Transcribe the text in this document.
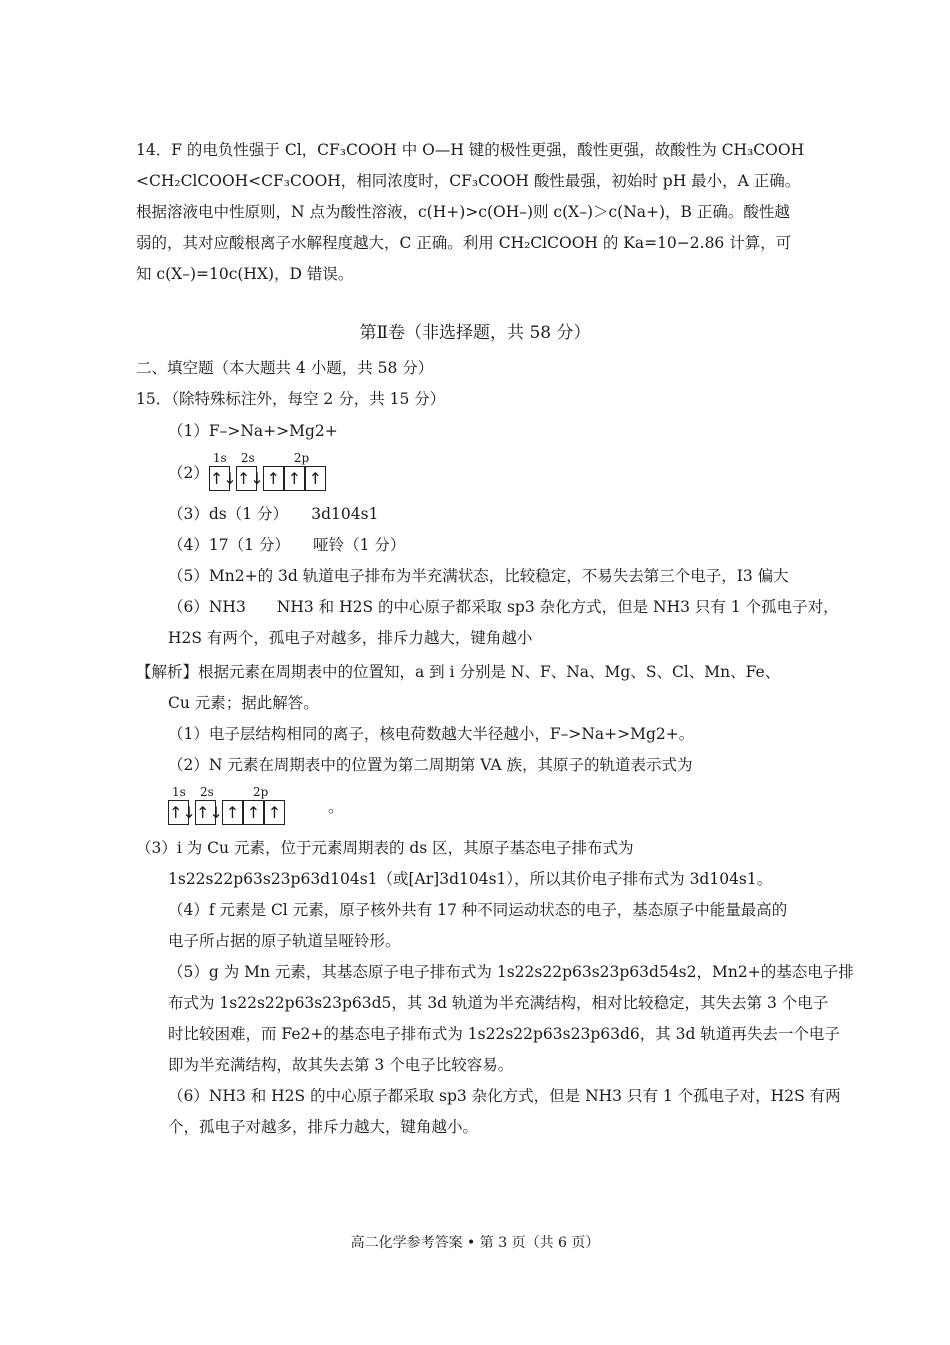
14．F 的电负性强于 Cl，CF₃COOH 中 O—H 键的极性更强，酸性更强，故酸性为 CH₃COOH
<CH₂ClCOOH<CF₃COOH，相同浓度时，CF₃COOH 酸性最强，初始时 pH 最小，A 正确。
根据溶液电中性原则，N 点为酸性溶液，c(H+)>c(OH–)则 c(X–)＞c(Na+)，B 正确。酸性越
弱的，其对应酸根离子水解程度越大，C 正确。利用 CH₂ClCOOH 的 Ka=10−2.86 计算，可
知 c(X–)=10c(HX)，D 错误。
第Ⅱ卷（非选择题，共 58 分）
二、填空题（本大题共 4 小题，共 58 分）
15．（除特殊标注外，每空 2 分，共 15 分）
（1）F–>Na+>Mg2+
（2）
1s 2s	2p
↑↓ ↑↓ ↑ ↑ ↑
（3）ds（1 分）　　3d104s1
（4）17（1 分）　　哑铃（1 分）
（5）Mn2+的 3d 轨道电子排布为半充满状态，比较稳定，不易失去第三个电子，I3 偏大
（6）NH3　　NH3 和 H2S 的中心原子都采取 sp3 杂化方式，但是 NH3 只有 1 个孤电子对，
H2S 有两个，孤电子对越多，排斥力越大，键角越小
【解析】根据元素在周期表中的位置知，a 到 i 分别是 N、F、Na、Mg、S、Cl、Mn、Fe、
Cu 元素；据此解答。
（1）电子层结构相同的离子，核电荷数越大半径越小，F–>Na+>Mg2+。
（2）N 元素在周期表中的位置为第二周期第 VA 族，其原子的轨道表示式为
1s 2s	2p
↑↓ ↑↓ ↑ ↑ ↑	。
（3）i 为 Cu 元素，位于元素周期表的 ds 区，其原子基态电子排布式为
1s22s22p63s23p63d104s1（或[Ar]3d104s1），所以其价电子排布式为 3d104s1。
（4）f 元素是 Cl 元素，原子核外共有 17 种不同运动状态的电子，基态原子中能量最高的
电子所占据的原子轨道呈哑铃形。
（5）g 为 Mn 元素，其基态原子电子排布式为 1s22s22p63s23p63d54s2，Mn2+的基态电子排
布式为 1s22s22p63s23p63d5，其 3d 轨道为半充满结构，相对比较稳定，其失去第 3 个电子
时比较困难，而 Fe2+的基态电子排布式为 1s22s22p63s23p63d6，其 3d 轨道再失去一个电子
即为半充满结构，故其失去第 3 个电子比较容易。
（6）NH3 和 H2S 的中心原子都采取 sp3 杂化方式，但是 NH3 只有 1 个孤电子对，H2S 有两
个，孤电子对越多，排斥力越大，键角越小。
高二化学参考答案 • 第 3 页（共 6 页）
